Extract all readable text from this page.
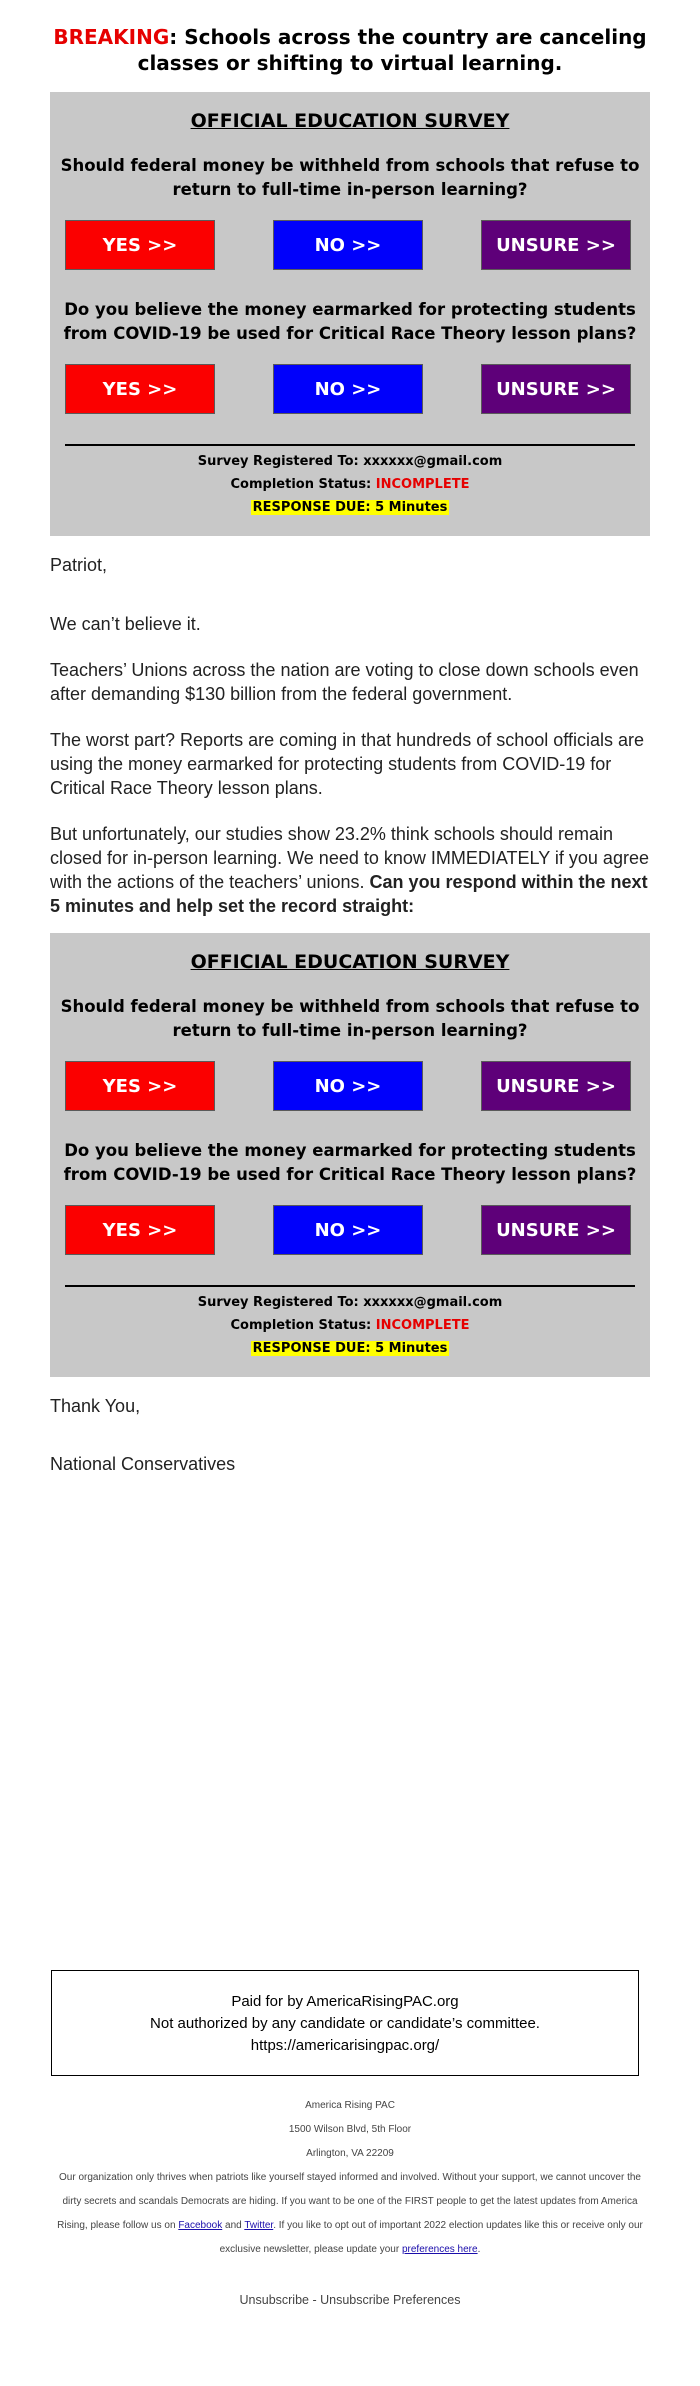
BREAKING: Schools across the country are canceling classes or shifting to virtual learning.
OFFICIAL EDUCATION SURVEY
Should federal money be withheld from schools that refuse to return to full-time in-person learning?
YES >>	NO >>	UNSURE >>
Do you believe the money earmarked for protecting students from COVID-19 be used for Critical Race Theory lesson plans?
YES >>	NO >>	UNSURE >>
Survey Registered To: xxxxxx@gmail.com
Completion Status: INCOMPLETE
RESPONSE DUE: 5 Minutes
Patriot,
We can’t believe it.
Teachers’ Unions across the nation are voting to close down schools even after demanding $130 billion from the federal government.
The worst part? Reports are coming in that hundreds of school officials are using the money earmarked for protecting students from COVID-19 for Critical Race Theory lesson plans.
But unfortunately, our studies show 23.2% think schools should remain closed for in-person learning. We need to know IMMEDIATELY if you agree with the actions of the teachers’ unions. Can you respond within the next 5 minutes and help set the record straight:
OFFICIAL EDUCATION SURVEY
Should federal money be withheld from schools that refuse to return to full-time in-person learning?
YES >>	NO >>	UNSURE >>
Do you believe the money earmarked for protecting students from COVID-19 be used for Critical Race Theory lesson plans?
YES >>	NO >>	UNSURE >>
Survey Registered To: xxxxxx@gmail.com
Completion Status: INCOMPLETE
RESPONSE DUE: 5 Minutes
Thank You,
National Conservatives
Paid for by AmericaRisingPAC.org
Not authorized by any candidate or candidate’s committee.
https://americarisingpac.org/
America Rising PAC
1500 Wilson Blvd, 5th Floor
Arlington, VA 22209
Our organization only thrives when patriots like yourself stayed informed and involved. Without your support, we cannot uncover the dirty secrets and scandals Democrats are hiding. If you want to be one of the FIRST people to get the latest updates from America Rising, please follow us on Facebook and Twitter. If you like to opt out of important 2022 election updates like this or receive only our exclusive newsletter, please update your preferences here.
Unsubscribe - Unsubscribe Preferences
